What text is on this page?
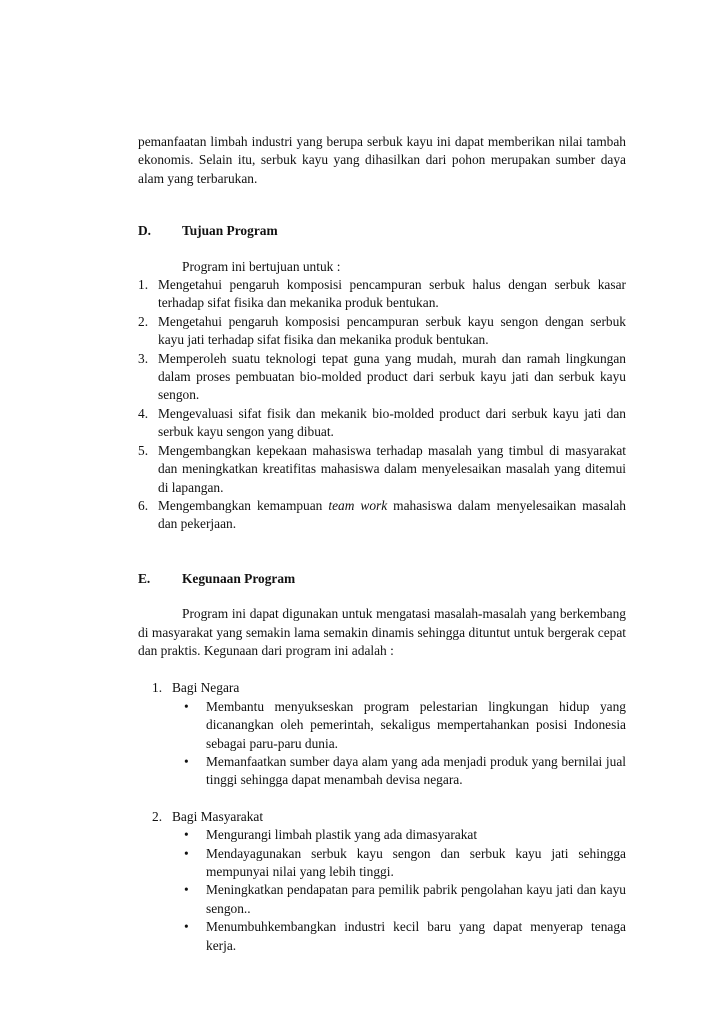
pemanfaatan limbah industri yang berupa serbuk kayu ini dapat memberikan nilai tambah ekonomis. Selain itu, serbuk kayu yang dihasilkan dari pohon merupakan sumber daya alam yang terbarukan.

D.	Tujuan Program

Program ini bertujuan untuk :

1. Mengetahui pengaruh komposisi pencampuran serbuk halus dengan serbuk kasar terhadap sifat fisika dan mekanika produk bentukan.
2. Mengetahui pengaruh komposisi pencampuran serbuk kayu sengon dengan serbuk kayu jati terhadap sifat fisika dan mekanika produk bentukan.
3. Memperoleh suatu teknologi tepat guna yang mudah, murah dan ramah lingkungan dalam proses pembuatan bio-molded product dari serbuk kayu jati dan serbuk kayu sengon.
4. Mengevaluasi sifat fisik dan mekanik bio-molded product dari serbuk kayu jati dan serbuk kayu sengon yang dibuat.
5. Mengembangkan kepekaan mahasiswa terhadap masalah yang timbul di masyarakat dan meningkatkan kreatifitas mahasiswa dalam menyelesaikan masalah yang ditemui di lapangan.
6. Mengembangkan kemampuan team work mahasiswa dalam menyelesaikan masalah dan pekerjaan.
E.	Kegunaan Program

Program ini dapat digunakan untuk mengatasi masalah-masalah yang berkembang di masyarakat yang semakin lama semakin dinamis sehingga dituntut untuk bergerak cepat dan praktis. Kegunaan dari program ini adalah :

1. Bagi Negara
•	Membantu menyukseskan program pelestarian lingkungan hidup yang dicanangkan oleh pemerintah, sekaligus mempertahankan posisi Indonesia sebagai paru-paru dunia.
•	Memanfaatkan sumber daya alam yang ada menjadi produk yang bernilai jual tinggi sehingga dapat menambah devisa negara.
2. Bagi Masyarakat
•	Mengurangi limbah plastik yang ada dimasyarakat
•	Mendayagunakan serbuk kayu sengon dan serbuk kayu jati sehingga mempunyai nilai yang lebih tinggi.
•	Meningkatkan pendapatan para pemilik pabrik pengolahan kayu jati dan kayu sengon..
•	Menumbuhkembangkan industri kecil baru yang dapat menyerap tenaga kerja.
